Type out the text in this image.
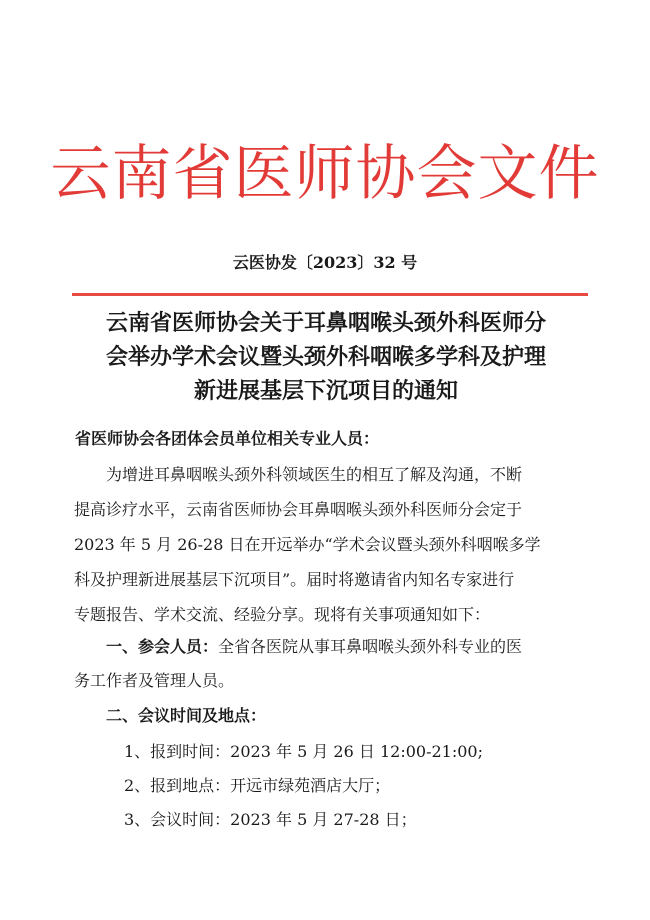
云南省医师协会文件
云医协发〔2023〕32 号
云南省医师协会关于耳鼻咽喉头颈外科医师分
会举办学术会议暨头颈外科咽喉多学科及护理
新进展基层下沉项目的通知
省医师协会各团体会员单位相关专业人员：
为增进耳鼻咽喉头颈外科领域医生的相互了解及沟通，不断
提高诊疗水平，云南省医师协会耳鼻咽喉头颈外科医师分会定于
2023 年 5 月 26-28 日在开远举办“学术会议暨头颈外科咽喉多学
科及护理新进展基层下沉项目”。届时将邀请省内知名专家进行
专题报告、学术交流、经验分享。现将有关事项通知如下：
一、参会人员：全省各医院从事耳鼻咽喉头颈外科专业的医
务工作者及管理人员。
二、会议时间及地点：
1、报到时间：2023 年 5 月 26 日 12:00-21:00;
2、报到地点：开远市绿苑酒店大厅；
3、会议时间：2023 年 5 月 27-28 日；
